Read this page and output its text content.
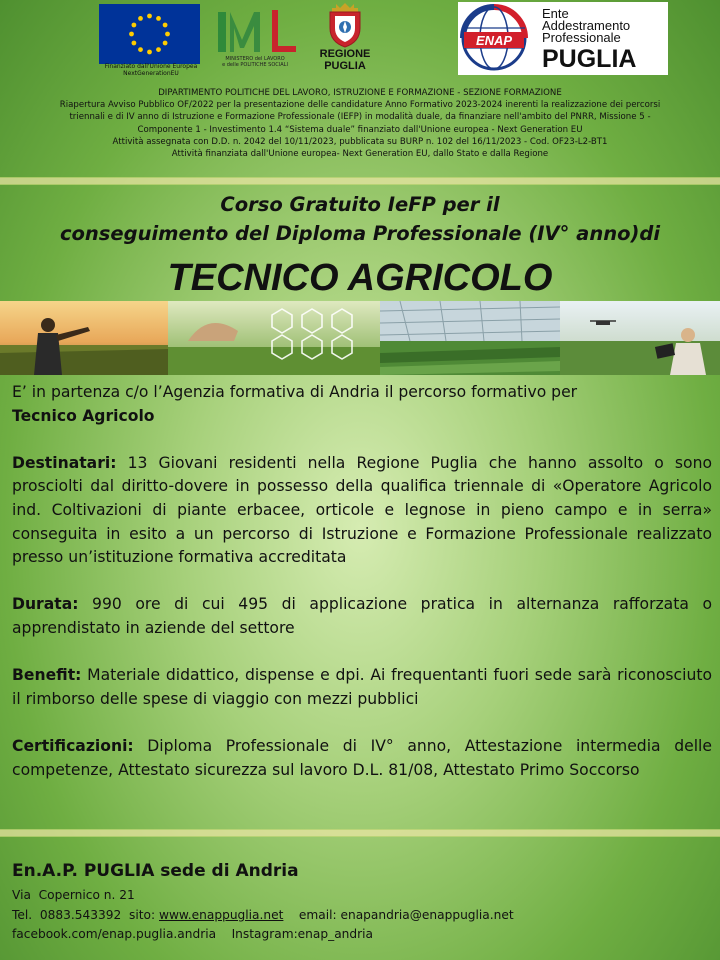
Finanziato dall'Unione Europea
NextGenerationEU
MINISTERO del LAVORO
e delle POLITICHE SOCIALI
REGIONE
PUGLIA
ENAP
Ente
Addestramento
Professionale
PUGLIA

DIPARTIMENTO POLITICHE DEL LAVORO, ISTRUZIONE E FORMAZIONE - SEZIONE FORMAZIONE

Riapertura Avviso Pubblico OF/2022 per la presentazione delle candidature Anno Formativo 2023-2024 inerenti la realizzazione dei percorsi

triennali e di IV anno di Istruzione e Formazione Professionale (IEFP) in modalità duale, da finanziare nell'ambito del PNRR, Missione 5 -

Componente 1 - Investimento 1.4 “Sistema duale” finanziato dall'Unione europea - Next Generation EU

Attività assegnata con D.D. n. 2042 del 10/11/2023, pubblicata su BURP n. 102 del 16/11/2023 - Cod. OF23-L2-BT1

Attività finanziata dall'Unione europea- Next Generation EU, dallo Stato e dalla Regione

Corso Gratuito IeFP per il
conseguimento del Diploma Professionale (IV° anno)di
TECNICO AGRICOLO

E’ in partenza c/o l’Agenzia formativa di Andria il percorso formativo per
Tecnico Agricolo

Destinatari: 13 Giovani residenti nella Regione Puglia che hanno assolto o sono prosciolti dal diritto-dovere in possesso della qualifica triennale di «Operatore Agricolo ind. Coltivazioni di piante erbacee, orticole e legnose in pieno campo e in serra» conseguita in esito a un percorso di Istruzione e Formazione Professionale realizzato presso un’istituzione formativa accreditata

Durata: 990 ore di cui 495 di applicazione pratica in alternanza rafforzata o apprendistato in aziende del settore

Benefit: Materiale didattico, dispense e dpi. Ai frequentanti fuori sede sarà riconosciuto il rimborso delle spese di viaggio con mezzi pubblici

Certificazioni: Diploma Professionale di IV° anno, Attestazione intermedia delle competenze, Attestato sicurezza sul lavoro D.L. 81/08, Attestato Primo Soccorso

En.A.P. PUGLIA sede di Andria
Via  Copernico n. 21
Tel.  0883.543392  sito: www.enappuglia.net    email: enapandria@enappuglia.net
facebook.com/enap.puglia.andria    Instagram:enap_andria
